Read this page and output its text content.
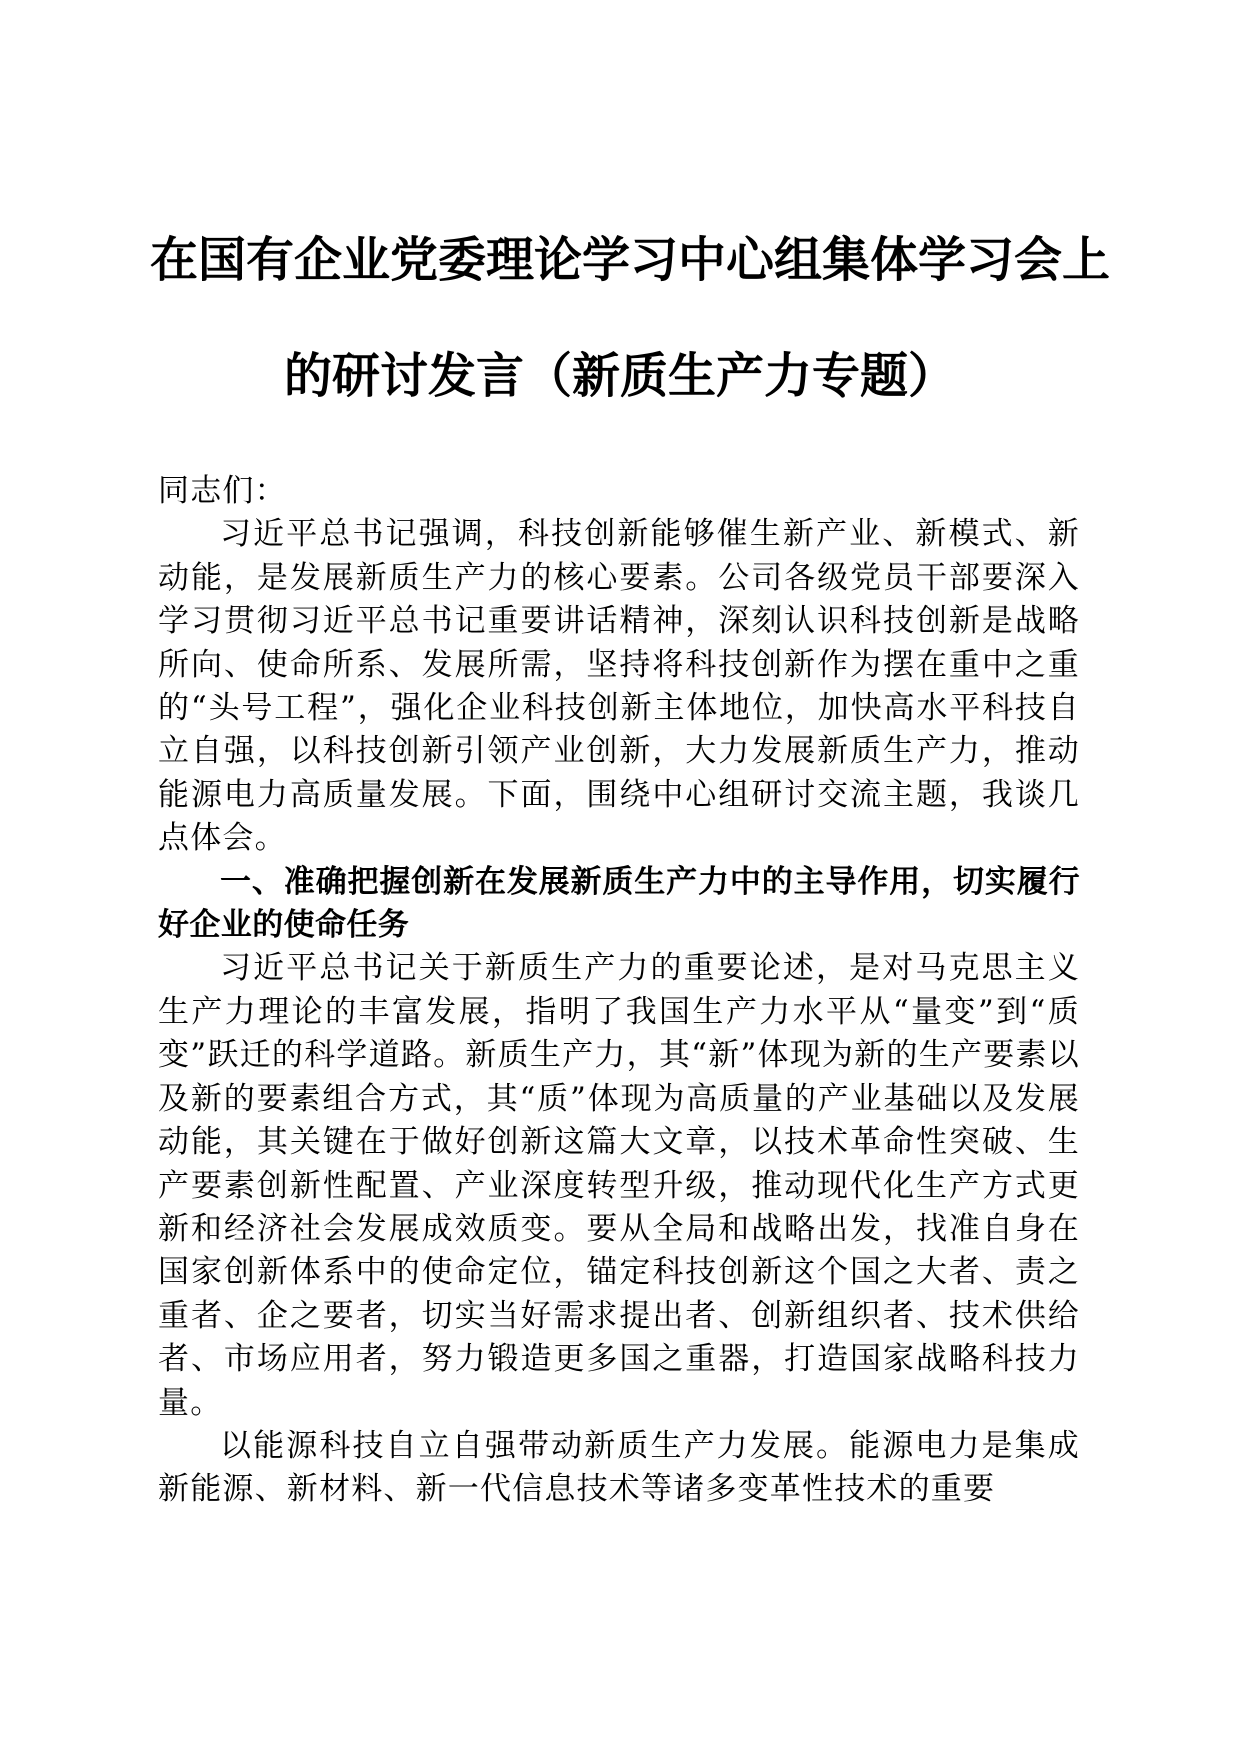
在国有企业党委理论学习中心组集体学习会上
的研讨发言（新质生产力专题）

同志们：

习近平总书记强调，科技创新能够催生新产业、新模式、新动能，是发展新质生产力的核心要素。公司各级党员干部要深入学习贯彻习近平总书记重要讲话精神，深刻认识科技创新是战略所向、使命所系、发展所需，坚持将科技创新作为摆在重中之重的“头号工程”，强化企业科技创新主体地位，加快高水平科技自立自强，以科技创新引领产业创新，大力发展新质生产力，推动能源电力高质量发展。下面，围绕中心组研讨交流主题，我谈几点体会。

一、准确把握创新在发展新质生产力中的主导作用，切实履行好企业的使命任务

习近平总书记关于新质生产力的重要论述，是对马克思主义生产力理论的丰富发展，指明了我国生产力水平从“量变”到“质变”跃迁的科学道路。新质生产力，其“新”体现为新的生产要素以及新的要素组合方式，其“质”体现为高质量的产业基础以及发展动能，其关键在于做好创新这篇大文章，以技术革命性突破、生产要素创新性配置、产业深度转型升级，推动现代化生产方式更新和经济社会发展成效质变。要从全局和战略出发，找准自身在国家创新体系中的使命定位，锚定科技创新这个国之大者、责之重者、企之要者，切实当好需求提出者、创新组织者、技术供给者、市场应用者，努力锻造更多国之重器，打造国家战略科技力量。

以能源科技自立自强带动新质生产力发展。能源电力是集成新能源、新材料、新一代信息技术等诸多变革性技术的重要
